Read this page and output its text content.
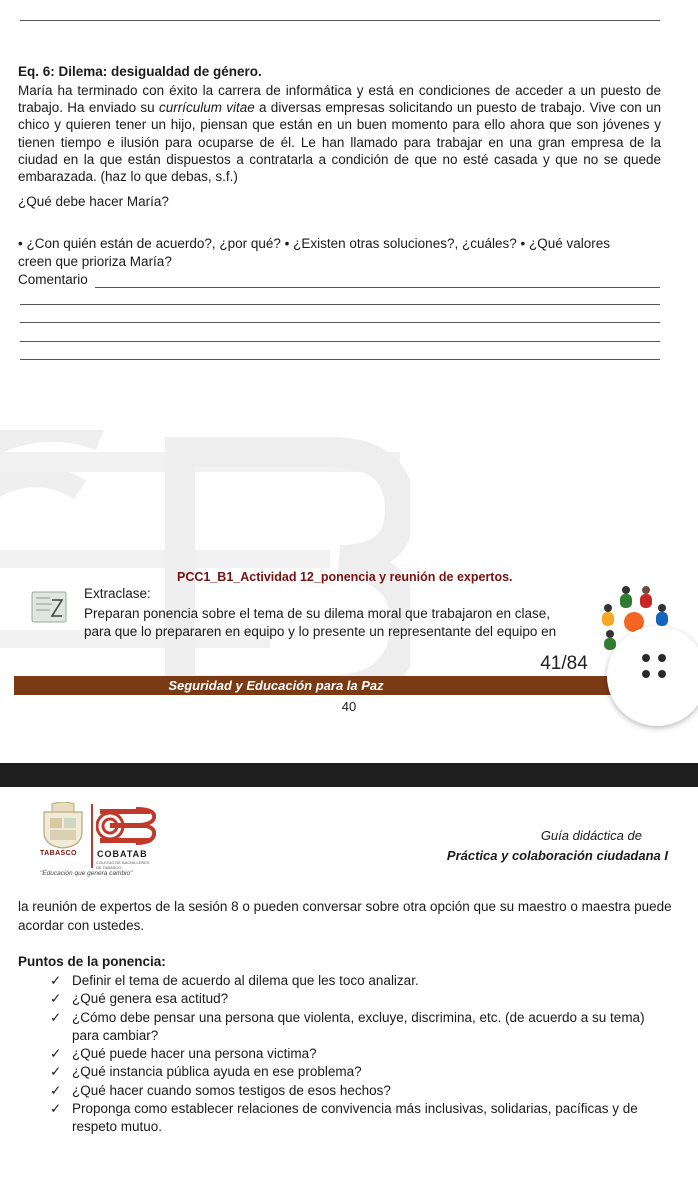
Eq. 6: Dilema: desigualdad de género.
María ha terminado con éxito la carrera de informática y está en condiciones de acceder a un puesto de trabajo. Ha enviado su currículum vitae a diversas empresas solicitando un puesto de trabajo. Vive con un chico y quieren tener un hijo, piensan que están en un buen momento para ello ahora que son jóvenes y tienen tiempo e ilusión para ocuparse de él. Le han llamado para trabajar en una gran empresa de la ciudad en la que están dispuestos a contratarla a condición de que no esté casada y que no se quede embarazada. (haz lo que debas, s.f.)
¿Qué debe hacer María?
• ¿Con quién están de acuerdo?, ¿por qué? • ¿Existen otras soluciones?, ¿cuáles? • ¿Qué valores creen que prioriza María?
Comentario
PCC1_B1_Actividad 12_ponencia y reunión de expertos.
Extraclase:
Preparan ponencia sobre el tema de su dilema moral que trabajaron en clase,
para que lo prepararen en equipo y lo presente un representante del equipo en
41/84
Seguridad y Educación para la Paz
40
TABASCO COBATAB
COLEGIO DE BACHILLERES DE TABASCO
"Educación que genera cambio"
Guía didáctica de
Práctica y colaboración ciudadana I
la reunión de expertos de la sesión 8 o pueden conversar sobre otra opción que su maestro o maestra puede acordar con ustedes.
Puntos de la ponencia:
✓ Definir el tema de acuerdo al dilema que les toco analizar.
✓ ¿Qué genera esa actitud?
✓ ¿Cómo debe pensar una persona que violenta, excluye, discrimina, etc. (de acuerdo a su tema) para cambiar?
✓ ¿Qué puede hacer una persona victima?
✓ ¿Qué instancia pública ayuda en ese problema?
✓ ¿Qué hacer cuando somos testigos de esos hechos?
✓ Proponga como establecer relaciones de convivencia más inclusivas, solidarias, pacíficas y de respeto mutuo.
